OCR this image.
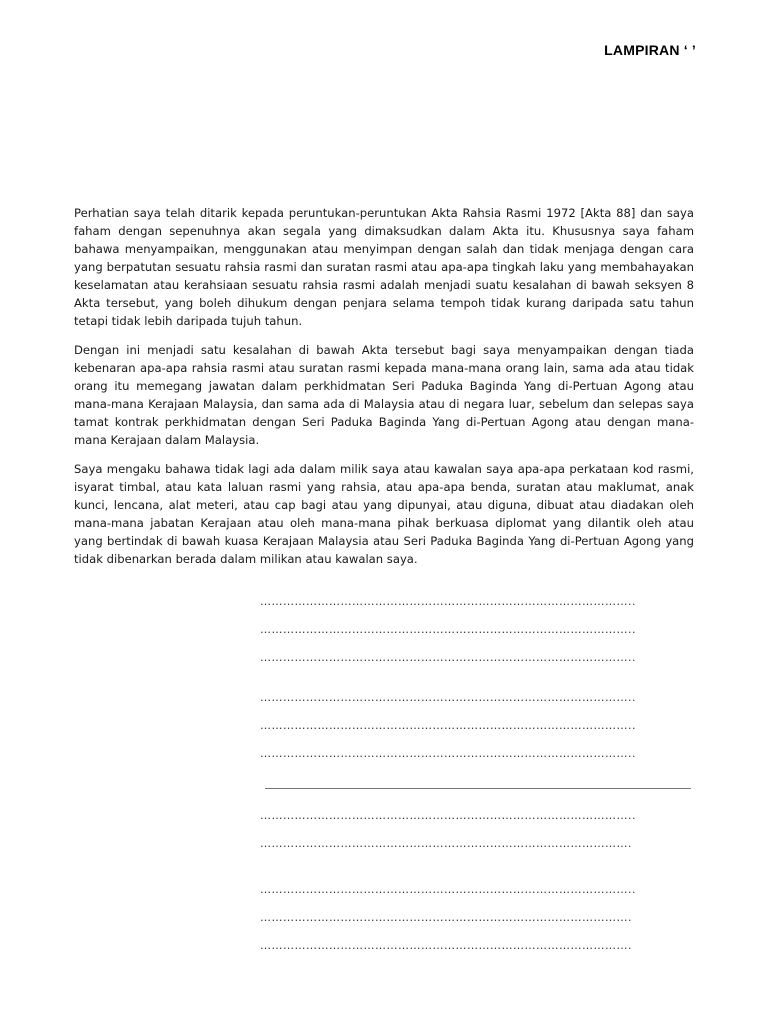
LAMPIRAN ‘ ’

Perhatian saya telah ditarik kepada peruntukan-peruntukan Akta Rahsia Rasmi 1972 [Akta 88] dan saya faham dengan sepenuhnya akan segala yang dimaksudkan dalam Akta itu. Khususnya saya faham bahawa menyampaikan, menggunakan atau menyimpan dengan salah dan tidak menjaga dengan cara yang berpatutan sesuatu rahsia rasmi dan suratan rasmi atau apa-apa tingkah laku yang membahayakan keselamatan atau kerahsiaan sesuatu rahsia rasmi adalah menjadi suatu kesalahan di bawah seksyen 8 Akta tersebut, yang boleh dihukum dengan penjara selama tempoh tidak kurang daripada satu tahun tetapi tidak lebih daripada tujuh tahun.

Dengan ini menjadi satu kesalahan di bawah Akta tersebut bagi saya menyampaikan dengan tiada kebenaran apa-apa rahsia rasmi atau suratan rasmi kepada mana-mana orang lain, sama ada atau tidak orang itu memegang jawatan dalam perkhidmatan Seri Paduka Baginda Yang di-Pertuan Agong atau mana-mana Kerajaan Malaysia, dan sama ada di Malaysia atau di negara luar, sebelum dan selepas saya tamat kontrak perkhidmatan dengan Seri Paduka Baginda Yang di-Pertuan Agong atau dengan mana-mana Kerajaan dalam Malaysia.

Saya mengaku bahawa tidak lagi ada dalam milik saya atau kawalan saya apa-apa perkataan kod rasmi, isyarat timbal, atau kata laluan rasmi yang rahsia, atau apa-apa benda, suratan atau maklumat, anak kunci, lencana, alat meteri, atau cap bagi atau yang dipunyai, atau diguna, dibuat atau diadakan oleh mana-mana jabatan Kerajaan atau oleh mana-mana pihak berkuasa diplomat yang dilantik oleh atau yang bertindak di bawah kuasa Kerajaan Malaysia atau Seri Paduka Baginda Yang di-Pertuan Agong yang tidak dibenarkan berada dalam milikan atau kawalan saya.

……………………………………………………………………………………..
……………………………………………………………………………………..
……………………………………………………………………………………..
……………………………………………………………………………………..
……………………………………………………………………………………..
……………………………………………………………………………………..
……………………………………………………………………………………..
…………………………………………………………………………………….
……………………………………………………………………………………..
…………………………………………………………………………………….
…………………………………………………………………………………….
